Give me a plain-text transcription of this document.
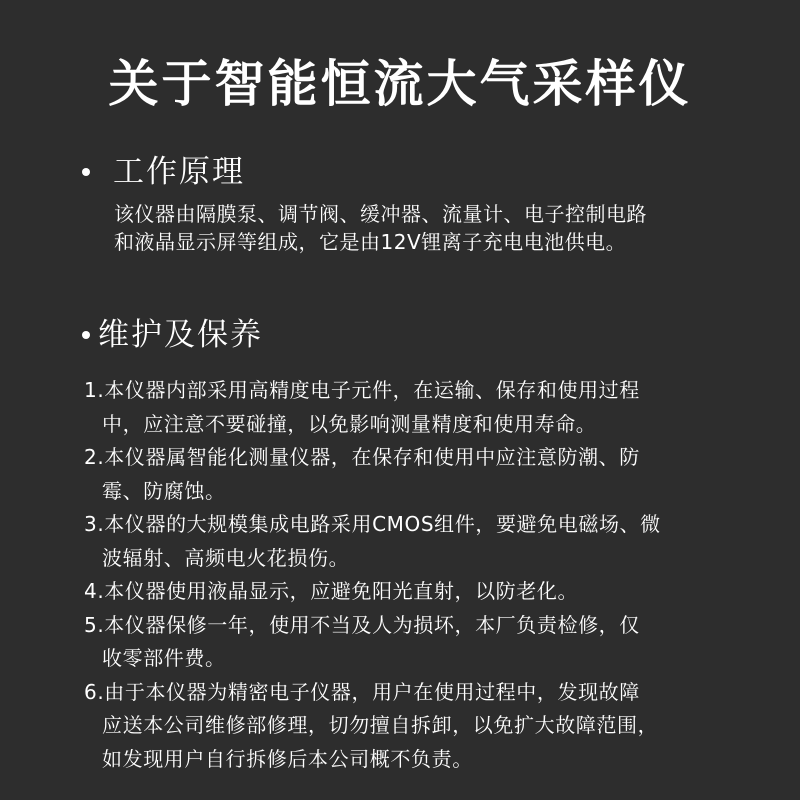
关于智能恒流大气采样仪
工作原理
该仪器由隔膜泵、调节阀、缓冲器、流量计、电子控制电路
和液晶显示屏等组成，它是由12V锂离子充电电池供电。
维护及保养
1.本仪器内部采用高精度电子元件，在运输、保存和使用过程
中，应注意不要碰撞，以免影响测量精度和使用寿命。
2.本仪器属智能化测量仪器，在保存和使用中应注意防潮、防
霉、防腐蚀。
3.本仪器的大规模集成电路采用CMOS组件，要避免电磁场、微
波辐射、高频电火花损伤。
4.本仪器使用液晶显示，应避免阳光直射，以防老化。
5.本仪器保修一年，使用不当及人为损坏，本厂负责检修，仅
收零部件费。
6.由于本仪器为精密电子仪器，用户在使用过程中，发现故障
应送本公司维修部修理，切勿擅自拆卸，以免扩大故障范围，
如发现用户自行拆修后本公司概不负责。
